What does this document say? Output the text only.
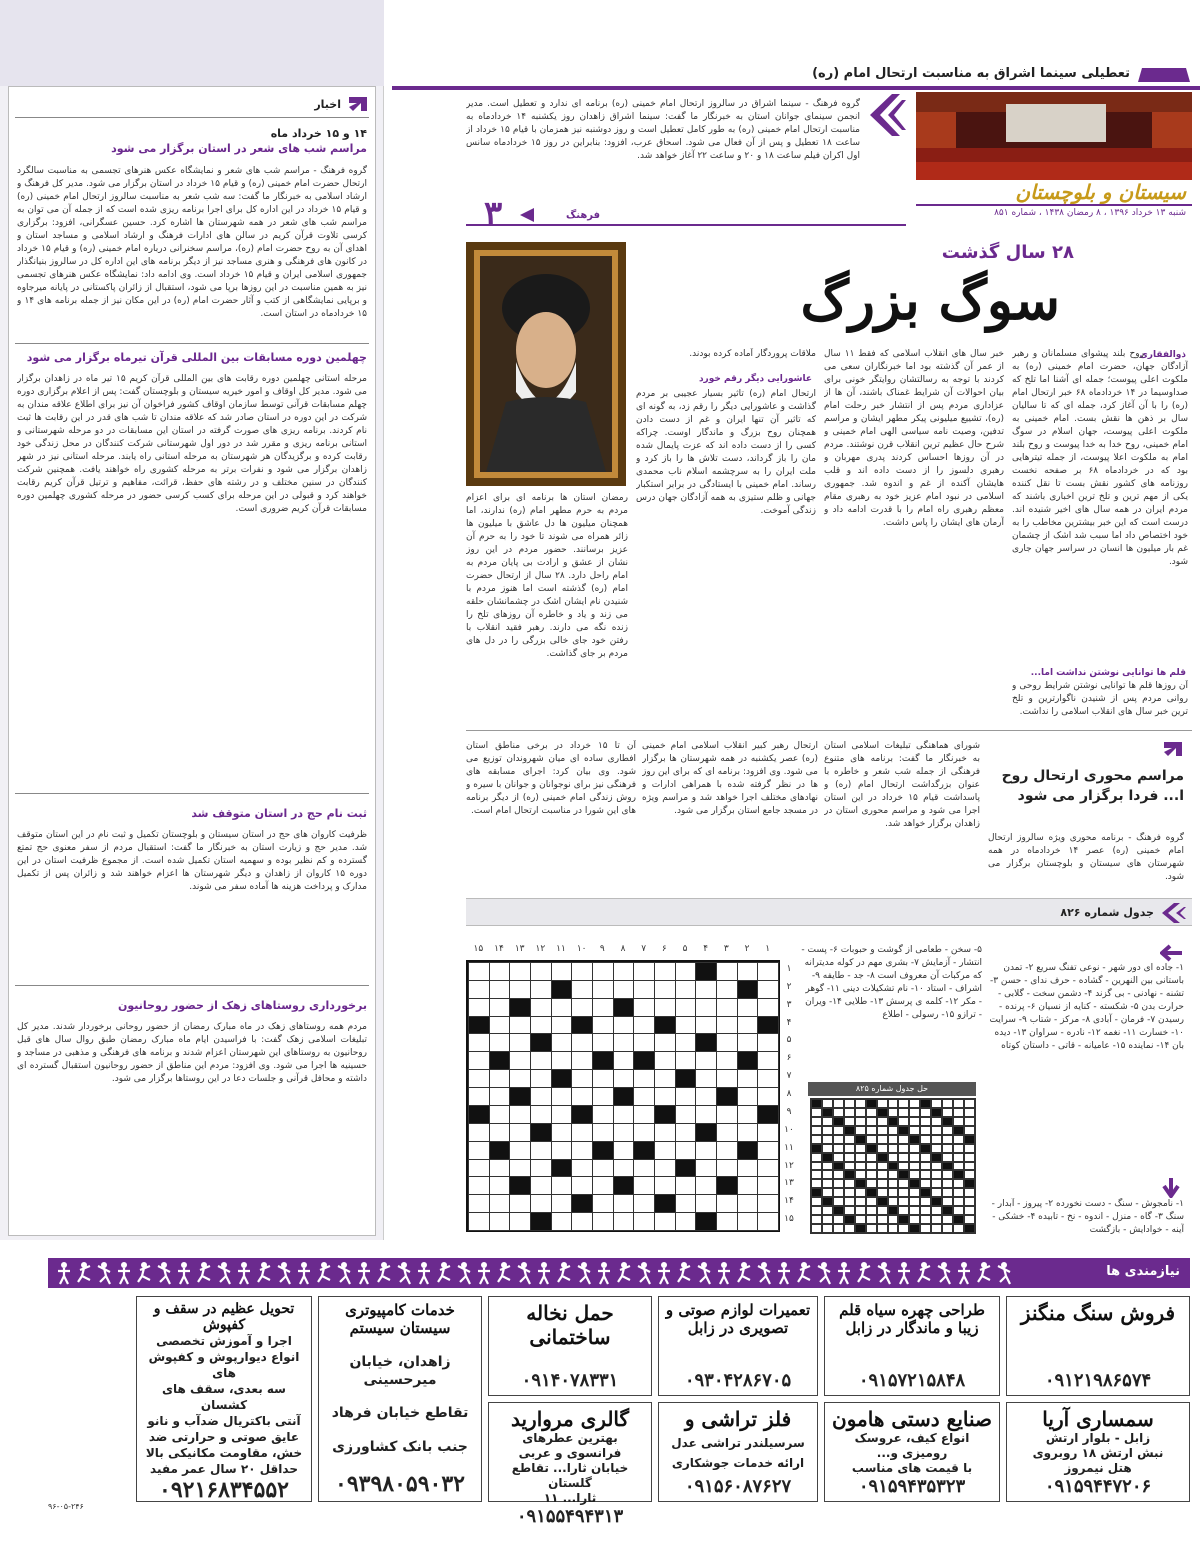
اخبار
۱۴ و ۱۵ خرداد ماه
مراسم شب های شعر در استان برگزار می شود
گروه فرهنگ - مراسم شب های شعر و نمایشگاه عکس هنرهای تجسمی به مناسبت سالگرد ارتحال حضرت امام خمینی (ره) و قیام ۱۵ خرداد در استان برگزار می شود. مدیر کل فرهنگ و ارشاد اسلامی به خبرنگار ما گفت: سه شب شعر به مناسبت سالروز ارتحال امام خمینی (ره) و قیام ۱۵ خرداد در این اداره کل برای اجرا برنامه ریزی شده است که از جمله آن می توان به مراسم شب های شعر در همه شهرستان ها اشاره کرد. حسین عسگرانی، افزود: برگزاری کرسی تلاوت قرآن کریم در سالن های ادارات فرهنگ و ارشاد اسلامی و مساجد استان و اهدای آن به روح حضرت امام (ره)، مراسم سخنرانی درباره امام خمینی (ره) و قیام ۱۵ خرداد در کانون های فرهنگی و هنری مساجد نیز از دیگر برنامه های این اداره کل در سالروز بنیانگذار جمهوری اسلامی ایران و قیام ۱۵ خرداد است. وی ادامه داد: نمایشگاه عکس هنرهای تجسمی نیز به همین مناسبت در این روزها برپا می شود، استقبال از زائران پاکستانی در پایانه میرجاوه و برپایی نمایشگاهی از کتب و آثار حضرت امام (ره) در این مکان نیز از جمله برنامه های ۱۴ و ۱۵ خردادماه در استان است.
چهلمین دوره مسابقات بین المللی قرآن تیرماه برگزار می شود
مرحله استانی چهلمین دوره رقابت های بین المللی قرآن کریم ۱۵ تیر ماه در زاهدان برگزار می شود. مدیر کل اوقاف و امور خیریه سیستان و بلوچستان گفت: پس از اعلام برگزاری دوره چهلم مسابقات قرآنی توسط سازمان اوقاف کشور فراخوان آن نیز برای اطلاع علاقه مندان به شرکت در این دوره در استان صادر شد که علاقه مندان تا شب های قدر در این رقابت ها ثبت نام کردند. برنامه ریزی های صورت گرفته در استان این مسابقات در دو مرحله شهرستانی و استانی برنامه ریزی و مقرر شد در دور اول شهرستانی شرکت کنندگان در محل زندگی خود رقابت کرده و برگزیدگان هر شهرستان به مرحله استانی راه یابند. مرحله استانی نیز در شهر زاهدان برگزار می شود و نفرات برتر به مرحله کشوری راه خواهند یافت. همچنین شرکت کنندگان در سنین مختلف و در رشته های حفظ، قرائت، مفاهیم و ترتیل قرآن کریم رقابت خواهند کرد و قبولی در این مرحله برای کسب کرسی حضور در مرحله کشوری چهلمین دوره مسابقات قرآن کریم ضروری است.
ثبت نام حج در استان متوقف شد
ظرفیت کاروان های حج در استان سیستان و بلوچستان تکمیل و ثبت نام در این استان متوقف شد. مدیر حج و زیارت استان به خبرنگار ما گفت: استقبال مردم از سفر معنوی حج تمتع گسترده و کم نظیر بوده و سهمیه استان تکمیل شده است. از مجموع ظرفیت استان در این دوره ۱۵ کاروان از زاهدان و دیگر شهرستان ها اعزام خواهند شد و زائران پس از تکمیل مدارک و پرداخت هزینه ها آماده سفر می شوند.
برخورداری روستاهای زهک از حضور روحانیون
مردم همه روستاهای زهک در ماه مبارک رمضان از حضور روحانی برخوردار شدند. مدیر کل تبلیغات اسلامی زهک گفت: با فراسیدن ایام ماه مبارک رمضان طبق روال سال های قبل روحانیون به روستاهای این شهرستان اعزام شدند و برنامه های فرهنگی و مذهبی در مساجد و حسینیه ها اجرا می شود. وی افزود: مردم این مناطق از حضور روحانیون استقبال گسترده ای داشته و محافل قرآنی و جلسات دعا در این روستاها برگزار می شود.
تعطیلی سینما اشراق به مناسبت ارتحال امام (ره)
گروه فرهنگ - سینما اشراق در سالروز ارتحال امام خمینی (ره) برنامه ای ندارد و تعطیل است. مدیر انجمن سینمای جوانان استان به خبرنگار ما گفت: سینما اشراق زاهدان روز یکشنبه ۱۴ خردادماه به مناسبت ارتحال امام خمینی (ره) به طور کامل تعطیل است و روز دوشنبه نیز همزمان با قیام ۱۵ خرداد از ساعت ۱۸ تعطیل و پس از آن فعال می شود. اسحاق عرب، افزود: بنابراین در روز ۱۵ خردادماه سانس اول اکران فیلم ساعت ۱۸ و ۲۰ و ساعت ۲۲ آغاز خواهد شد.
سیستان و بلوچستان
شنبه ۱۳ خرداد ۱۳۹۶ ، ۸ رمضان ۱۴۳۸ ، شماره ۸۵۱
۳	فرهنگ
۲۸ سال گذشت
سوگ بزرگ
ذوالفقاری
روح بلند پیشوای مسلمانان و رهبر آزادگان جهان، حضرت امام خمینی (ره) به ملکوت اعلی پیوست؛ جمله ای آشنا اما تلخ که صداوسیما در ۱۴ خردادماه ۶۸ خبر ارتحال امام (ره) را با آن آغاز کرد، جمله ای که تا سالیان سال بر ذهن ها نقش بست. امام خمینی به ملکوت اعلی پیوست، جهان اسلام در سوگ امام خمینی، روح خدا به خدا پیوست و روح بلند امام به ملکوت اعلا پیوست، از جمله تیترهایی بود که در خردادماه ۶۸ بر صفحه نخست روزنامه های کشور نقش بست تا نقل کننده یکی از مهم ترین و تلخ ترین اخباری باشند که مردم ایران در همه سال های اخیر شنیده اند. درست است که این خبر بیشترین مخاطب را به خود اختصاص داد اما سبب شد اشک از چشمان غم بار میلیون ها انسان در سراسر جهان جاری شود.
قلم ها توانایی نوشتن نداشت اما...
آن روزها قلم ها توانایی نوشتن شرایط روحی و روانی مردم پس از شنیدن ناگوارترین و تلخ ترین خبر سال های انقلاب اسلامی را نداشت.
خبر سال های انقلاب اسلامی که فقط ۱۱ سال از عمر آن گذشته بود اما خبرنگاران سعی می کردند با توجه به رسالتشان روایتگر خونی برای بیان احوالات آن شرایط غمناک باشند، آن ها از عزاداری مردم پس از انتشار خبر رحلت امام (ره)، تشییع میلیونی پیکر مطهر ایشان و مراسم تدفین، وصیت نامه سیاسی الهی امام خمینی و شرح حال عظیم ترین انقلاب قرن نوشتند. مردم در آن روزها احساس کردند پدری مهربان و رهبری دلسوز را از دست داده اند و قلب هایشان آکنده از غم و اندوه شد. جمهوری اسلامی در نبود امام عزیز خود به رهبری مقام معظم رهبری راه امام را با قدرت ادامه داد و آرمان های ایشان را پاس داشت.
ملاقات پروردگار آماده کرده بودند.
عاشورایی دیگر رقم خورد
ارتحال امام (ره) تاثیر بسیار عجیبی بر مردم گذاشت و عاشورایی دیگر را رقم زد، به گونه ای که تاثیر آن تنها ایران و غم از دست دادن همچنان روح بزرگ و ماندگار اوست. چراکه کسی را از دست داده اند که عزت پایمال شده مان را باز گرداند، دست تلاش ها را باز کرد و ملت ایران را به سرچشمه اسلام ناب محمدی رساند. امام خمینی با ایستادگی در برابر استکبار جهانی و ظلم ستیزی به همه آزادگان جهان درس زندگی آموخت.
رمضان استان ها برنامه ای برای اعزام مردم به حرم مطهر امام (ره) ندارند، اما همچنان میلیون ها دل عاشق با میلیون ها زائر همراه می شوند تا خود را به حرم آن عزیز برسانند. حضور مردم در این روز نشان از عشق و ارادت بی پایان مردم به امام راحل دارد. ۲۸ سال از ارتحال حضرت امام (ره) گذشته است اما هنوز مردم با شنیدن نام ایشان اشک در چشمانشان حلقه می زند و یاد و خاطره آن روزهای تلخ را زنده نگه می دارند. رهبر فقید انقلاب با رفتن خود جای خالی بزرگی را در دل های مردم بر جای گذاشت.
مراسم محوری ارتحال روح ا... فردا برگزار می شود
گروه فرهنگ - برنامه محوری ویژه سالروز ارتحال امام خمینی (ره) عصر ۱۴ خردادماه در همه شهرستان های سیستان و بلوچستان برگزار می شود.
شورای هماهنگی تبلیغات اسلامی استان به خبرنگار ما گفت: برنامه های متنوع فرهنگی از جمله شب شعر و خاطره با عنوان بزرگداشت ارتحال امام (ره) و پاسداشت قیام ۱۵ خرداد در این استان اجرا می شود و مراسم محوری استان در زاهدان برگزار خواهد شد.
ارتحال رهبر کبیر انقلاب اسلامی امام خمینی (ره) عصر یکشنبه در همه شهرستان ها برگزار می شود. وی افزود: برنامه ای که برای این روز ها در نظر گرفته شده با همراهی ادارات و نهادهای مختلف اجرا خواهد شد و مراسم ویژه در مسجد جامع استان برگزار می شود.
آن تا ۱۵ خرداد در برخی مناطق استان افطاری ساده ای میان شهروندان توزیع می شود. وی بیان کرد: اجرای مسابقه های فرهنگی نیز برای نوجوانان و جوانان با سیره و روش زندگی امام خمینی (ره) از دیگر برنامه های این شورا در مناسبت ارتحال امام است.
جدول شماره ۸۲۶
۱- جاده ای دور شهر - نوعی تفنگ سریع ۲- تمدن باستانی بین النهرین - گشاده - حرف ندای - حسن ۳- تشنه - نهادنی - بی گزند ۴- دشمن سخت - گلابی - حرارت بدن ۵- شکسته - کنایه از نسیان ۶- پرنده - رسیدن ۷- فرمان - آبادی ۸- مرکز - شتاب ۹- سرایت ۱۰- خسارت ۱۱- نغمه ۱۲- نادره - سراوان ۱۳- دیده بان ۱۴- نماینده ۱۵- عامیانه - قاتی - داستان کوتاه
۱- نامجوش - سنگ - دست نخورده ۲- پیروز - آبدار - سنگ ۳- گاه - منزل - اندوه - نخ - تابیده ۴- خشکی - آینه - خوادایش - بازگشت
۵- سخن - طعامی از گوشت و حبوبات ۶- پست - انتشار - آزمایش ۷- بشری مهم در کوله مدیترانه که مرکبات آن معروف است ۸- جد - طایفه ۹- اشراف - استاد ۱۰- نام تشکیلات دینی ۱۱- گوهر - مکر ۱۲- کلمه ی پرسش ۱۳- طلایی ۱۴- ویران - ترازو ۱۵- رسولی - اطلاع
حل جدول شماره ۸۲۵
۱
۲
۳
۴
۵
۶
۷
۸
۹
۱۰
۱۱
۱۲
۱۳
۱۴
۱۵
۱
۲
۳
۴
۵
۶
۷
۸
۹
۱۰
۱۱
۱۲
۱۳
۱۴
۱۵
نیازمندی ها
فروش سنگ منگنز
۰۹۱۲۱۹۸۶۵۷۴
سمساری آریا
زابل - بلوار ارتش
نبش ارتش ۱۸ روبروی
هتل نیمروز
۰۹۱۵۹۴۴۷۲۰۶
طراحی چهره سیاه قلم زیبا و ماندگار در زابل
۰۹۱۵۷۲۱۵۸۴۸
صنایع دستی هامون
انواع کیف، عروسک
رومیزی و...
با قیمت های مناسب
۰۹۱۵۹۴۳۵۳۲۳
تعمیرات لوازم صوتی و تصویری در زابل
۰۹۳۰۴۲۸۶۷۰۵
فلز تراشی و
سرسیلندر تراشی عدل
ارائه خدمات جوشکاری
۰۹۱۵۶۰۸۷۶۲۷
حمل نخاله ساختمانی
۰۹۱۴۰۷۸۳۳۱
گالری مروارید
بهترین عطرهای فرانسوی و عربی
خیابان ثارا... تقاطع گلستان
ثارا... ۱۱
۰۹۱۵۵۴۹۴۳۱۳
خدمات کامپیوتری سیستان سیستم
زاهدان، خیابان میرحسینی
تقاطع خیابان فرهاد
جنب بانک کشاورزی
۰۹۳۹۸۰۵۹۰۳۲
تحویل عظیم در سقف و کفپوش
اجرا و آموزش تخصصی انواع دیوارپوش و کفپوش های
سه بعدی، سقف های کشسان
آنتی باکتریال ضدآب و نانو
عایق صوتی و حرارتی ضد خش، مقاومت مکانیکی بالا
حداقل ۲۰ سال عمر مفید
۰۹۲۱۶۸۳۴۵۵۲
۹۶-۰۵-۲۴۶
